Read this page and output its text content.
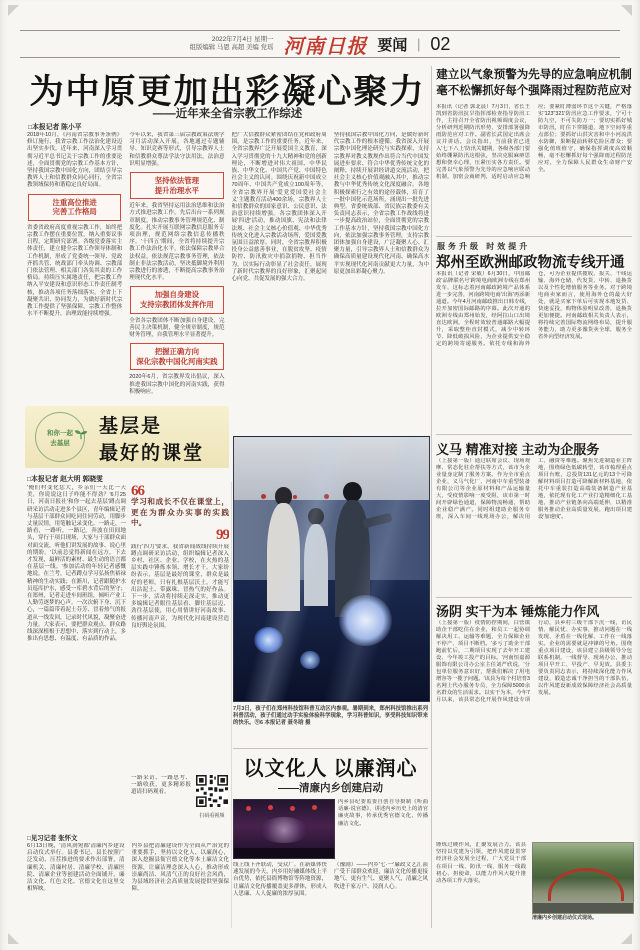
2022年7月4日 星期一
组版编辑 马恩 高超 美编 党瑶 河南日报 要闻 ｜ 02
为中原更加出彩凝心聚力
——近年来全省宗教工作综述
□本报记者 陈小平
2018年10月，《河南省宗教事务条例》修订施行，我省宗教工作法治化建设迈出坚实步伐。近年来，河南深入学习贯彻习近平总书记关于宗教工作的重要论述，全面贯彻党的宗教工作基本方针，坚持我国宗教中国化方向，团结引导宗教界人士和信教群众同心同行，全省宗教领域保持和谐稳定良好局面。
注重高位推进
完善工作格局
省委省政府高度重视宗教工作，始终把宗教工作摆在重要位置，纳入重要议事日程，定期研究部署。各级党委落实主体责任，建立健全宗教工作领导体制和工作机制，形成了党委统一领导、党政齐抓共管、统战部门牵头协调、宗教部门依法管理、相关部门各负其责的工作格局。持续压实属地责任，把宗教工作纳入平安建设和意识形态工作责任制考核，推动各项任务落细落实。全省上下凝聚共识、协同发力，为做好新时代宗教工作提供了坚强保障，宗教工作整体水平不断提升，治理效能持续增强。
今年以来，我省第三届宗教政策法规学习月活动深入开展，各地通过专题辅导、知识竞赛等形式，引导宗教界人士和信教群众尊法学法守法用法，法治意识明显增强。
坚持依法管理
提升治理水平
近年来，我省坚持运用法治思维和法治方式推进宗教工作，先后出台一系列规章制度，推动宗教事务管理规范化、制度化。扎实开展互联网宗教信息服务专项治理，规范网络宗教信息传播秩序。'十四五'期间，全省将持续提升宗教工作法治化水平，依法保障宗教界合法权益，依法规范宗教事务管理，依法制止非法宗教活动，坚决抵御境外利用宗教进行的渗透，不断提高宗教事务治理现代化水平。
加强自身建设
支持宗教团体发挥作用
全省各宗教团体不断加强自身建设，完善民主决策机制，健全规章制度，规范财务管理，自我管理水平显著提升。
把握正确方向
深化宗教中国化河南实践
2020年6月，省宗教界发出倡议，深入推进我国宗教中国化的河南实践，获得积极响应。
把广大信教群众紧密团结在党和政府周围，是宗教工作的重要任务。近年来，全省宗教界广泛开展爱国主义教育，深入学习贯彻党的十九大精神和党的创新理论，不断增进对伟大祖国、中华民族、中华文化、中国共产党、中国特色社会主义的认同。围绕庆祝新中国成立70周年、中国共产党成立100周年等，全省宗教界开展'爱党爱国爱社会主义'主题教育活动400余场，宗教界人士和信教群众的国家意识、公民意识、法治意识持续增强。各宗教团体深入开展'四进'活动，推动国旗、宪法和法律法规、社会主义核心价值观、中华优秀传统文化进入宗教活动场所，爱国爱教氛围日益浓厚。同时，全省宗教界积极投身公益慈善事业，在脱贫攻坚、疫情防控、防汛救灾中捐款捐物、担当作为，以实际行动彰显了社会责任，展现了新时代宗教界的良好形象，汇聚起同心向党、共促发展的强大合力。
坚持我国宗教中国化方向，是做好新时代宗教工作的根本遵循。我省深入开展宗教中国化理论研究与实践探索，支持宗教界对教义教规作出符合当代中国发展进步要求、符合中华优秀传统文化的阐释，持续开展讲经讲道交流活动，把社会主义核心价值观融入其中，推动宗教与中华优秀传统文化深度融合。各地积极探索行之有效的途径载体，培育了一批中国化示范场所，涌现出一批先进典型。省委统战部、省民族宗教委有关负责同志表示，全省宗教工作战线将进一步提高政治站位，全面贯彻党的宗教工作基本方针，坚持我国宗教中国化方向，依法加强宗教事务管理，支持宗教团体加强自身建设，广泛凝聚人心、汇聚力量，引导宗教界人士和信教群众为确保高质量建设现代化河南、确保高水平实现现代化河南贡献更大力量，为中原更加出彩凝心聚力。
建立以气象预警为先导的应急响应机制
毫不松懈抓好每个强降雨过程防范应对
本报讯（记者 郭北晨）7月3日，省长王凯到省防汛抗旱指挥部检查指导防汛工作，主持召开全省防汛视频调度会议，分析研判近期防汛形势，安排部署强降雨防范应对工作。副省长武国定出席会议并讲话。会议指出，当前我省已进入'七下八上'防汛关键期，各级各部门要始终绷紧防汛这根弦，坚决克服麻痹思想和侥幸心理，压紧压实各方责任。要完善以气象预警为先导的应急响应联动机制，加密会商研判，适时启动应急响应；要紧盯薄弱环节这个关键，严格落实'123''321'防汛应急工作要求，宁可十防九空，不可失防万一；要切实抓好城市防汛，盯住下穿隧道、地下空间等重点部位；要抓好山洪灾害和中小河流洪水防御，果断提前转移危险区群众；要强化值班值守，确保指挥调度高效顺畅，毫不松懈抓好每个强降雨过程防范应对，全力保障人民群众生命财产安全。
服务升级 时效提升
郑州至欧洲邮政物流专线开通
本报讯（记者 宋敏）6月30日，中国邮政'品牌联名号'跨境电商欧洲专线在郑州发车，这标志着河南邮政跨境产品体系进一步完善，河南跨境电商'出海'再添新通道。今年4月河南邮政推出日韩专线，拉开加密国际邮路的序幕。此次开通的欧洲专线由郑州始发，经阿拉山口出境直达欧洲，全程时效较普通邮路大幅提升，采取整柜直封模式，减少中转环节、降低破损风险，为企业提供安全稳定的跨境寄递服务。依托专线和海外仓，可为企业提供揽收、报关、干线运输、海外仓储、代发货、中转、退换货以及个性化增值服务等业务。对于跨境电商卖家而言，使用海外仓的最大好处，就是买家下单后可实现本地发货、快速妥投，购物体验明显改善，退换货更加便捷。河南邮政相关负责人表示，将持续完善国际物流网络布局，提升服务能力，助力更多豫货卖全球，服务全省外向型经济发展。
义马 精准对接 主动为企服务
（上接第一版）通过联席会议、现场观摩、常态化驻企帮扶等方式，该市为企业量身定制了服务方案。作为全市重点企业，义马气化厂、河南中车重型装备有限公司等企业原材料和产品运输量大，受疫情影响一度受阻，该市第一时间开辟绿色通道，保障物流畅通，帮助企业稳产满产。同时组建助企服务专班，深入车间一线现场办公，解决用工、融资等难题。聚焦先进制造业主阵地，围绕绿色低碳转型，该市梳理重点项目台账，总投资131亿元的13个可降解材料项目打造可降解新材料基地，依托中车重装打造高端装备制造产业基地，依托现有化工产业打造精细化工基地，推动产业链条向高端延伸，以精准服务推动企业高质量发展，跑出项目建设'加速度'。
汤阴 实干为本 锤炼能力作风
（上接第一版）疫情防控期间，白营镇助企干部吃住在企业，和员工一起协调解决用工、运输等难题，全力保障企业不停产、项目不断档。'多亏了助企干部跑前忙后，二期项目实现了去年开工建设、今年竣工投产的目标。'河南恒嘉源服饰有限公司办公室主任刘严欣说，'分包单位服务意识好，帮我们解决了用电增容等一揽子问题。'该县为每个村培育3名网上代办服务专员，全力保障5000余名群众的生活需求。以实干为本，今年7月以来，该县常态化开展作风建设专项行动，县乡村三级干部下沉一线，访民情、解民忧、办实事，推动问题在一线发现、矛盾在一线化解、工作在一线落实。企业的需要就是冲锋的号角。围绕重点项目建设，该县建立县级领导分包联系机制，一线督导、现场办公，推动项目早开工、早投产、早见效。县委主要负责同志表示，将持续深化能力作风建设，锻造忠诚干净担当的干部队伍，以作风建设新成效保障经济社会高质量发展。
锤炼过硬作风，汇聚发展合力。该县坚持以党建为引领，把作风建设贯穿经济社会发展全过程，广大党员干部在项目一线、防汛一线、服务一线践初心、担使命，以能力作风大提升推动各项工作大落实。
清廉内乡创建启动仪式现场。
和你一起
去基层
基层是
最好的课堂
□本报记者 赵大明 郭晓雯
'俺们村变化恁大，乡亲们一天比一天美，你说说这日子咋能不得劲？'6月25日，河南日报社'和你一起去基层'蹲点调研采访活动走进多个县区，青年编辑记者与基层干部群众同吃同住同劳动，用脚步丈量民情，用笔触记录变化。一路走，一路看，一路听，一路记。奔波在田间地头，穿行于项目现场，大家与干部群众面对面交流，听他们讲发展的故事、说心里的期盼。'以前总觉得新闻在远方，下去才发现，最鲜活的素材、最生动的语言都在基层一线。'参加活动的年轻记者感慨地说。在兰考，记者蹲点学习弘扬焦裕禄精神的生动实践；在淅川，记者跟随护水员巡库护水，感受一库碧水背后的坚守；在郑州，记者走进车间班组，倾听产业工人勤劳逐梦的心声。一次次俯下身、沉下心，一篇篇带着泥土芬芳、冒着热气的报道从一线发回，记录时代风貌，凝聚奋进力量。大家表示，要把群众观点、群众路线深深植根于思想中、落实到行动上，多推出有思想、有温度、有品质的作品。
66
学习和成长不仅在课堂上，更在为群众办实事的实践中。
99
践行'四力'要求，我省新闻战线持续开展蹲点调研采访活动，组织编辑记者深入乡村、社区、企业、学校，在火热的基层实践中锤炼本领、增长才干。大家纷纷表示，基层是最好的课堂，群众是最好的老师，只有扎根基层沃土，才能写出沾泥土、带露珠、冒热气的好作品。下一步，活动将持续走深走实，推动更多编辑记者眼往基层看、脚往基层迈、劲往基层使，用心用情讲好河南故事、传播河南声音，为现代化河南建设营造良好舆论氛围。
一路采访、一路思考、一路收获，更多精彩报道请扫码观看。
扫码看视频
7月3日，孩子们在郑州科技馆科普互动区内参观。暑期到来，郑州科技馆推出系列科普活动，孩子们通过动手实验体验科学现象，学习科普知识，享受科技知识带来的快乐。⑨6 本报记者 聂冬晗 摄
以文化人 以廉润心
——清廉内乡创建启动
内乡县纪委监委自创自导摄制《听曲话廉·说官德》，讲述内乡历史上的清官廉吏故事，传承优秀官德文化，传播廉洁文化。
线上线下齐联动，受众广。在新媒体快速发展的今天，内乡用好融媒体线上平台优势，依托县衙博物馆等阵地资源，让廉洁文化传播覆盖更多群体，形成人人思廉、人人促廉的浓厚氛围。
（豫剧）——内乡'七·一'廉政文艺汇演广受干部群众欢迎，廉洁文化传播更接地气、更有生气、更聚人气，清廉之风吹进千家万户、浸润人心。
□见习记者 张怀文
6月13日晚，'清风润宛都'清廉内乡建设启动仪式举行。县委书记、县长按照广泛发动、压茬推进的要求作出部署，清廉机关、清廉村居、清廉学校、清廉医院、清廉企业等创建活动全面铺开，廉洁文化、红色文化、官德文化在这里交相辉映。
内乡县把清廉建设作为全面从严治党的重要抓手，坚持以文化人、以廉润心，深入挖掘县衙官德文化等本土廉洁文化资源，让廉洁理念深入人心，推动形成崇廉尚洁、风清气正的良好社会风尚，为县域经济社会高质量发展提供坚强保障。
